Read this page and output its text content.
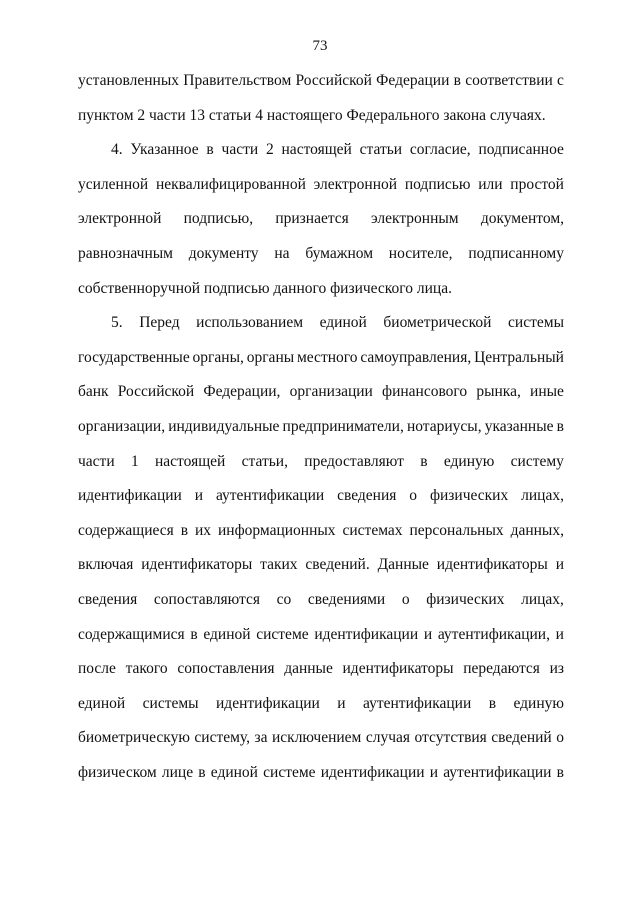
73
установленных Правительством Российской Федерации в соответствии с
пунктом 2 части 13 статьи 4 настоящего Федерального закона случаях.
4. Указанное в части 2 настоящей статьи согласие, подписанное
усиленной неквалифицированной электронной подписью или простой
электронной подписью, признается электронным документом,
равнозначным документу на бумажном носителе, подписанному
собственноручной подписью данного физического лица.
5. Перед использованием единой биометрической системы
государственные органы, органы местного самоуправления, Центральный
банк Российской Федерации, организации финансового рынка, иные
организации, индивидуальные предприниматели, нотариусы, указанные в
части 1 настоящей статьи, предоставляют в единую систему
идентификации и аутентификации сведения о физических лицах,
содержащиеся в их информационных системах персональных данных,
включая идентификаторы таких сведений. Данные идентификаторы и
сведения сопоставляются со сведениями о физических лицах,
содержащимися в единой системе идентификации и аутентификации, и
после такого сопоставления данные идентификаторы передаются из
единой системы идентификации и аутентификации в единую
биометрическую систему, за исключением случая отсутствия сведений о
физическом лице в единой системе идентификации и аутентификации в
